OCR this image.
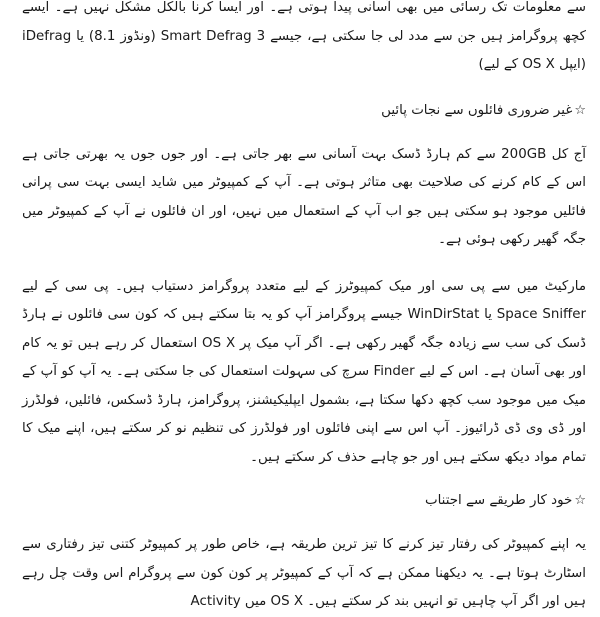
سے معلومات تک رسائی میں بھی آسانی پیدا ہوتی ہے۔ اور ایسا کرنا بالکل مشکل نہیں ہے۔ ایسے کچھ پروگرامز ہیں جن سے مدد لی جا سکتی ہے، جیسے Smart Defrag 3 (ونڈوز 8.1) یا iDefrag (ایپل OS X کے لیے)

☆غیر ضروری فائلوں سے نجات پائیں

آج کل 200GB سے کم ہارڈ ڈسک بہت آسانی سے بھر جاتی ہے۔ اور جوں جوں یہ بھرتی جاتی ہے اس کے کام کرنے کی صلاحیت بھی متاثر ہوتی ہے۔ آپ کے کمپیوٹر میں شاید ایسی بہت سی پرانی فائلیں موجود ہو سکتی ہیں جو اب آپ کے استعمال میں نہیں، اور ان فائلوں نے آپ کے کمپیوٹر میں جگہ گھیر رکھی ہوئی ہے۔

مارکیٹ میں سے پی سی اور میک کمپیوٹرز کے لیے متعدد پروگرامز دستیاب ہیں۔ پی سی کے لیے Space Sniffer یا WinDirStat جیسے پروگرامز آپ کو یہ بتا سکتے ہیں کہ کون سی فائلوں نے ہارڈ ڈسک کی سب سے زیادہ جگہ گھیر رکھی ہے۔ اگر آپ میک پر OS X استعمال کر رہے ہیں تو یہ کام اور بھی آسان ہے۔ اس کے لیے Finder سرچ کی سہولت استعمال کی جا سکتی ہے۔ یہ آپ کو آپ کے میک میں موجود سب کچھ دکھا سکتا ہے، بشمول ایپلیکیشنز، پروگرامز، ہارڈ ڈسکس، فائلیں، فولڈرز اور ڈی وی ڈی ڈرائیوز۔ آپ اس سے اپنی فائلوں اور فولڈرز کی تنظیم نو کر سکتے ہیں، اپنے میک کا تمام مواد دیکھ سکتے ہیں اور جو چاہے حذف کر سکتے ہیں۔

☆خود کار طریقے سے اجتناب

یہ اپنے کمپیوٹر کی رفتار تیز کرنے کا تیز ترین طریقہ ہے، خاص طور پر کمپیوٹر کتنی تیز رفتاری سے اسٹارٹ ہوتا ہے۔ یہ دیکھنا ممکن ہے کہ آپ کے کمپیوٹر پر کون کون سے پروگرام اس وقت چل رہے ہیں اور اگر آپ چاہیں تو انہیں بند کر سکتے ہیں۔ OS X میں Activity
